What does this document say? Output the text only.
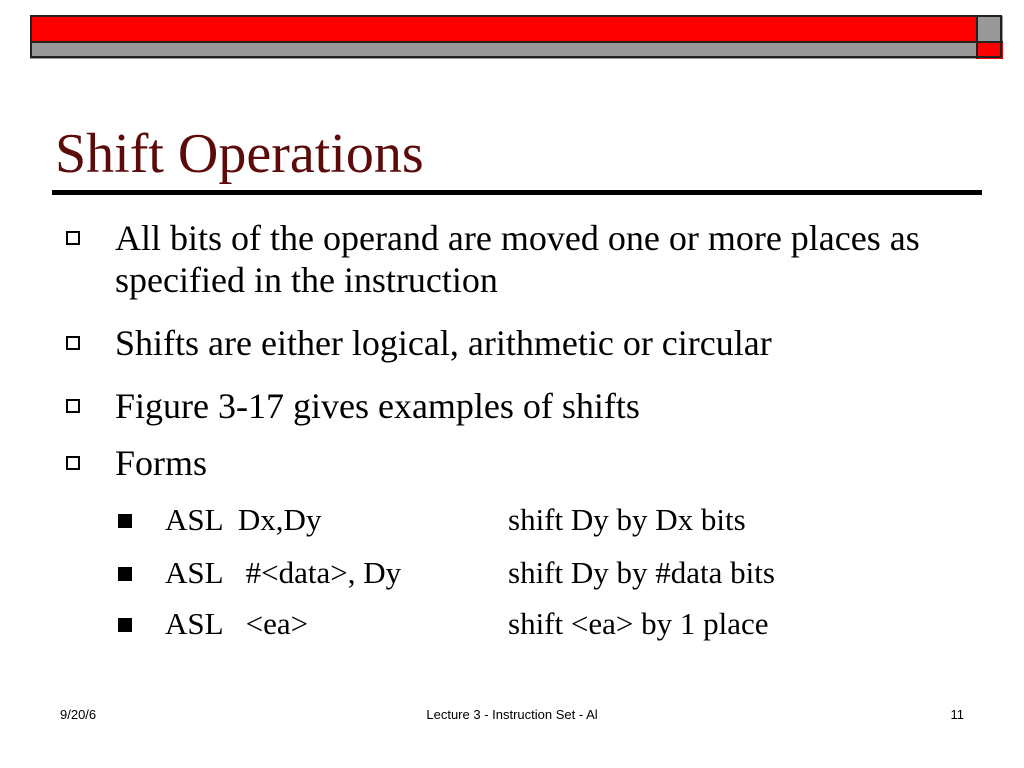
Shift Operations
All bits of the operand are moved one or more places as specified in the instruction
Shifts are either logical, arithmetic or circular
Figure 3-17 gives examples of shifts
Forms
ASL  Dx,Dy	shift Dy by Dx bits
ASL   #<data>, Dy	shift Dy by #data bits
ASL   <ea>	shift <ea> by 1 place
9/20/6	Lecture 3 - Instruction Set - Al	11
